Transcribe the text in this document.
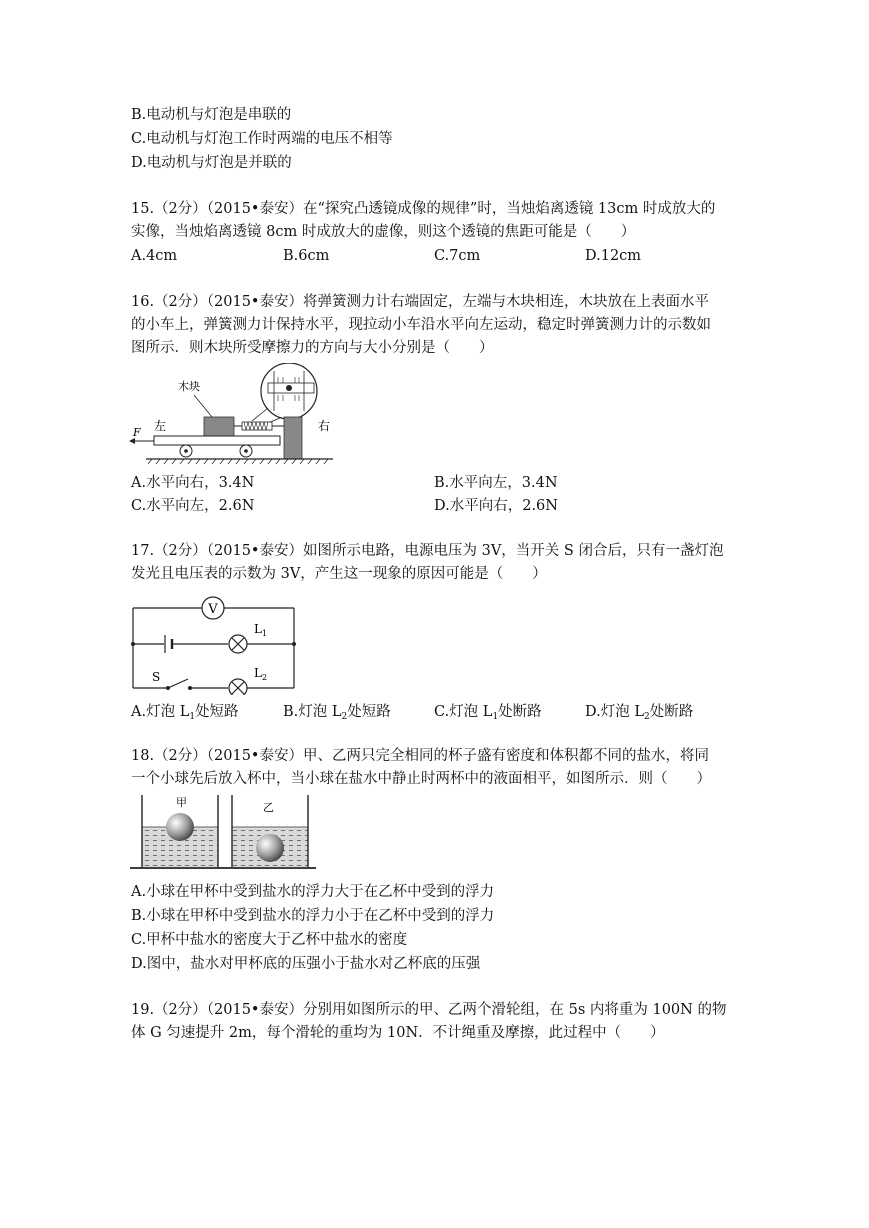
B.电动机与灯泡是串联的
C.电动机与灯泡工作时两端的电压不相等
D.电动机与灯泡是并联的
15.（2分）（2015•泰安）在“探究凸透镜成像的规律”时，当烛焰离透镜 13cm 时成放大的
实像，当烛焰离透镜 8cm 时成放大的虚像，则这个透镜的焦距可能是（　　）
A.4cm	B.6cm	C.7cm	D.12cm
16.（2分）（2015•泰安）将弹簧测力计右端固定，左端与木块相连，木块放在上表面水平
的小车上，弹簧测力计保持水平，现拉动小车沿水平向左运动，稳定时弹簧测力计的示数如
图所示．则木块所受摩擦力的方向与大小分别是（　　）
木块
F 左	右
A.水平向右，3.4N	B.水平向左，3.4N
C.水平向左，2.6N	D.水平向右，2.6N
17.（2分）（2015•泰安）如图所示电路，电源电压为 3V，当开关 S 闭合后，只有一盏灯泡
发光且电压表的示数为 3V，产生这一现象的原因可能是（　　）
V
$L_1$
$L_2$
S
A.灯泡 $L_1$处短路	B.灯泡 $L_2$处短路	C.灯泡 $L_1$处断路	D.灯泡 $L_2$处断路
18.（2分）（2015•泰安）甲、乙两只完全相同的杯子盛有密度和体积都不同的盐水，将同
一个小球先后放入杯中，当小球在盐水中静止时两杯中的液面相平，如图所示．则（　　）
甲	乙
A.小球在甲杯中受到盐水的浮力大于在乙杯中受到的浮力
B.小球在甲杯中受到盐水的浮力小于在乙杯中受到的浮力
C.甲杯中盐水的密度大于乙杯中盐水的密度
D.图中，盐水对甲杯底的压强小于盐水对乙杯底的压强
19.（2分）（2015•泰安）分别用如图所示的甲、乙两个滑轮组，在 5s 内将重为 100N 的物
体 G 匀速提升 2m，每个滑轮的重均为 10N．不计绳重及摩擦，此过程中（　　）
